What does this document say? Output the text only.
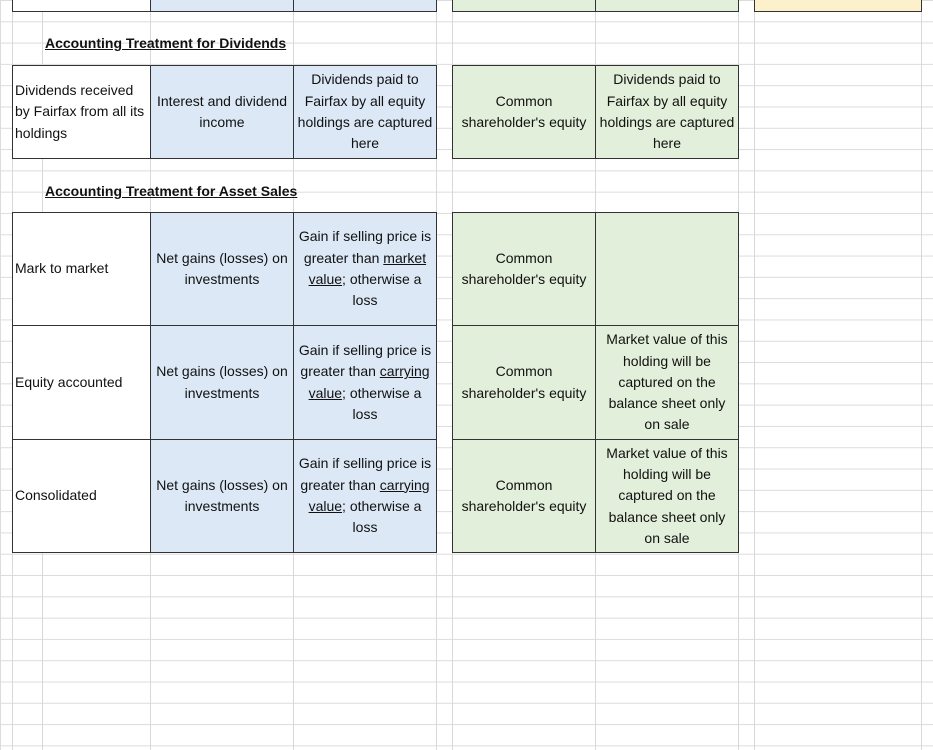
Accounting Treatment for Dividends
Dividends received by Fairfax from all its holdings
Interest and dividend income
Dividends paid to Fairfax by all equity holdings are captured here
Common shareholder's equity
Dividends paid to Fairfax by all equity holdings are captured here
Accounting Treatment for Asset Sales
Mark to market
Net gains (losses) on investments
Gain if selling price is greater than market value; otherwise a loss
Common shareholder's equity
Equity accounted
Net gains (losses) on investments
Gain if selling price is greater than carrying value; otherwise a loss
Common shareholder's equity
Market value of this holding will be captured on the balance sheet only on sale
Consolidated
Net gains (losses) on investments
Gain if selling price is greater than carrying value; otherwise a loss
Common shareholder's equity
Market value of this holding will be captured on the balance sheet only on sale
